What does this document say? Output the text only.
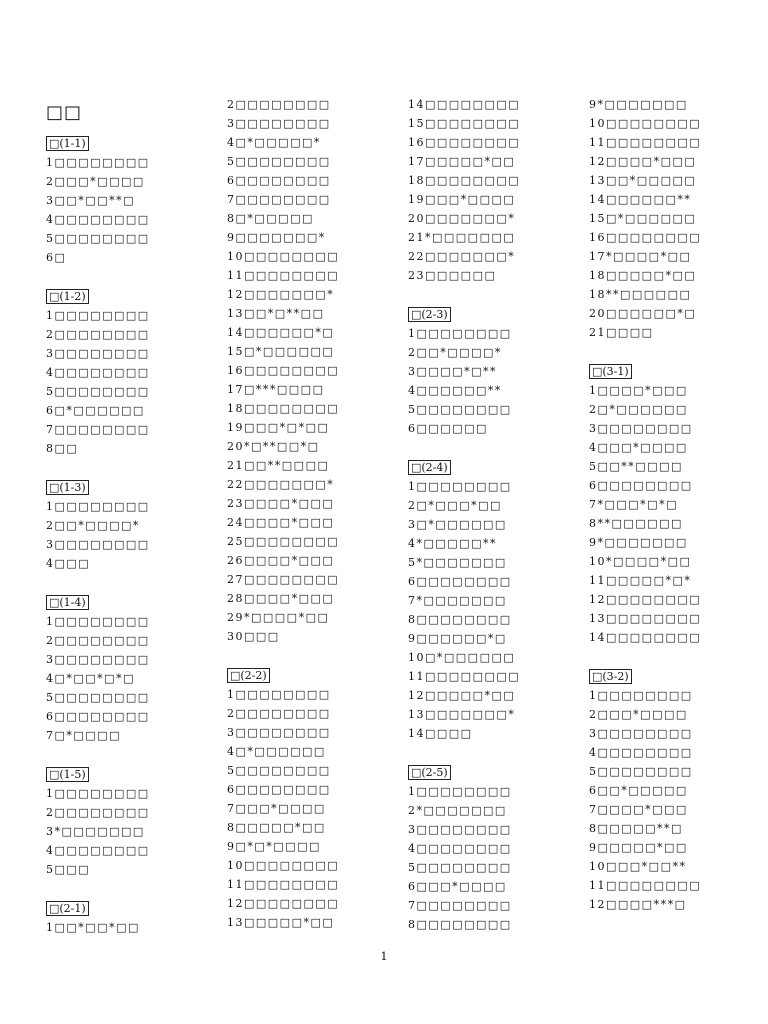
□□
□(1-1)
1□□□□□□□□
2□□□*□□□□
3□□*□□**□
4□□□□□□□□
5□□□□□□□□
6□
□(1-2)
1□□□□□□□□
2□□□□□□□□
3□□□□□□□□
4□□□□□□□□
5□□□□□□□□
6□*□□□□□□
7□□□□□□□□
8□□
□(1-3)
1□□□□□□□□
2□□*□□□□*
3□□□□□□□□
4□□□
□(1-4)
1□□□□□□□□
2□□□□□□□□
3□□□□□□□□
4□*□□*□*□
5□□□□□□□□
6□□□□□□□□
7□*□□□□
□(1-5)
1□□□□□□□□
2□□□□□□□□
3*□□□□□□□
4□□□□□□□□
5□□□
□(2-1)
1□□*□□*□□
2□□□□□□□□
3□□□□□□□□
4□*□□□□□*
5□□□□□□□□
6□□□□□□□□
7□□□□□□□□
8□*□□□□□
9□□□□□□□*
10□□□□□□□□
11□□□□□□□□
12□□□□□□□*
13□□*□**□□
14□□□□□□*□
15□*□□□□□□
16□□□□□□□□
17□***□□□□
18□□□□□□□□
19□□□*□*□□
20*□**□□*□
21□□**□□□□
22□□□□□□□*
23□□□□*□□□
24□□□□*□□□
25□□□□□□□□
26□□□□*□□□
27□□□□□□□□
28□□□□*□□□
29*□□□□*□□
30□□□
□(2-2)
1□□□□□□□□
2□□□□□□□□
3□□□□□□□□
4□*□□□□□□
5□□□□□□□□
6□□□□□□□□
7□□□*□□□□
8□□□□□*□□
9□*□*□□□□
10□□□□□□□□
11□□□□□□□□
12□□□□□□□□
13□□□□□*□□
14□□□□□□□□
15□□□□□□□□
16□□□□□□□□
17□□□□□*□□
18□□□□□□□□
19□□□*□□□□
20□□□□□□□*
21*□□□□□□□
22□□□□□□□*
23□□□□□□
□(2-3)
1□□□□□□□□
2□□*□□□□*
3□□□□*□**
4□□□□□□**
5□□□□□□□□
6□□□□□□
□(2-4)
1□□□□□□□□
2□*□□□*□□
3□*□□□□□□
4*□□□□□**
5*□□□□□□□
6□□□□□□□□
7*□□□□□□□
8□□□□□□□□
9□□□□□□*□
10□*□□□□□□
11□□□□□□□□
12□□□□□*□□
13□□□□□□□*
14□□□□
□(2-5)
1□□□□□□□□
2*□□□□□□□
3□□□□□□□□
4□□□□□□□□
5□□□□□□□□
6□□□*□□□□
7□□□□□□□□
8□□□□□□□□
9*□□□□□□□
10□□□□□□□□
11□□□□□□□□
12□□□□*□□□
13□□*□□□□□
14□□□□□□**
15□*□□□□□□
16□□□□□□□□
17*□□□□*□□
18□□□□□*□□
18**□□□□□□
20□□□□□□*□
21□□□□
□(3-1)
1□□□□*□□□
2□*□□□□□□
3□□□□□□□□
4□□□*□□□□
5□□**□□□□
6□□□□□□□□
7*□□□*□*□
8**□□□□□□
9*□□□□□□□
10*□□□□*□□
11□□□□□*□*
12□□□□□□□□
13□□□□□□□□
14□□□□□□□□
□(3-2)
1□□□□□□□□
2□□□*□□□□
3□□□□□□□□
4□□□□□□□□
5□□□□□□□□
6□□*□□□□□
7□□□□*□□□
8□□□□□**□
9□□□□□*□□
10□□□*□□**
11□□□□□□□□
12□□□□***□
1
